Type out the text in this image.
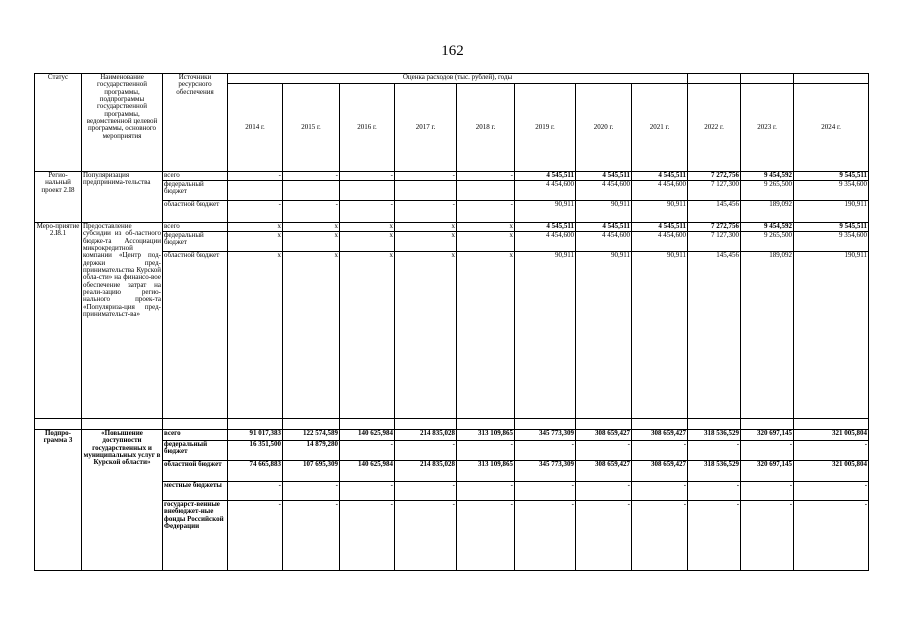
162
Статус	Наименование государственной программы, подпрограммы государственной программы, ведомственной целевой программы, основного мероприятия	Источники ресурсного обеспечения	Оценка расходов (тыс. рублей), годы										
			2014 г.	2015 г.	2016 г.	2017 г.	2018 г.	2019 г.	2020 г.	2021 г.	2022 г.	2023 г.	2024 г.
Регио-нальный проект 2.I8	Популяризация предпринима-тельства	всего	-	-	-	-	-	4 545,511	4 545,511	4 545,511	7 272,756	9 454,592	9 545,511
		федеральный бюджет						4 454,600	4 454,600	4 454,600	7 127,300	9 265,500	9 354,600
		областной бюджет	-	-	-	-	-	90,911	90,911	90,911	145,456	189,092	190,911
Меро-приятие 2.I8.1	Предоставление субсидии из об-ластного бюдже-та Ассоциации микрокредитной компании «Центр под-держки пред-принимательства Курской обла-сти» на финансо-вое обеспечение затрат на реали-зацию регио-нального проек-та «Популяриза-ция пред-принимательст-ва»	всего	x	x	x	x	x	4 545,511	4 545,511	4 545,511	7 272,756	9 454,592	9 545,511
		федеральный бюджет	x	x	x	x	x	4 454,600	4 454,600	4 454,600	7 127,300	9 265,500	9 354,600
		областной бюджет	x	x	x	x	x	90,911	90,911	90,911	145,456	189,092	190,911

Подпро-грамма 3	«Повышение доступности государственных и муниципальных услуг в Курской области»	всего	91 017,383	122 574,589	140 625,984	214 835,028	313 109,865	345 773,309	308 659,427	308 659,427	318 536,529	320 697,145	321 005,804
		федеральный бюджет	16 351,500	14 879,280	-	-	-	-	-	-	-	-	-
		областной бюджет	74 665,883	107 695,309	140 625,984	214 835,028	313 109,865	345 773,309	308 659,427	308 659,427	318 536,529	320 697,145	321 005,804
		местные бюджеты	-	-	-	-	-	-	-	-	-	-	-
		государст-венные внебюджет-ные фонды Российской Федерации	-	-	-	-	-	-	-	-	-	-	-
